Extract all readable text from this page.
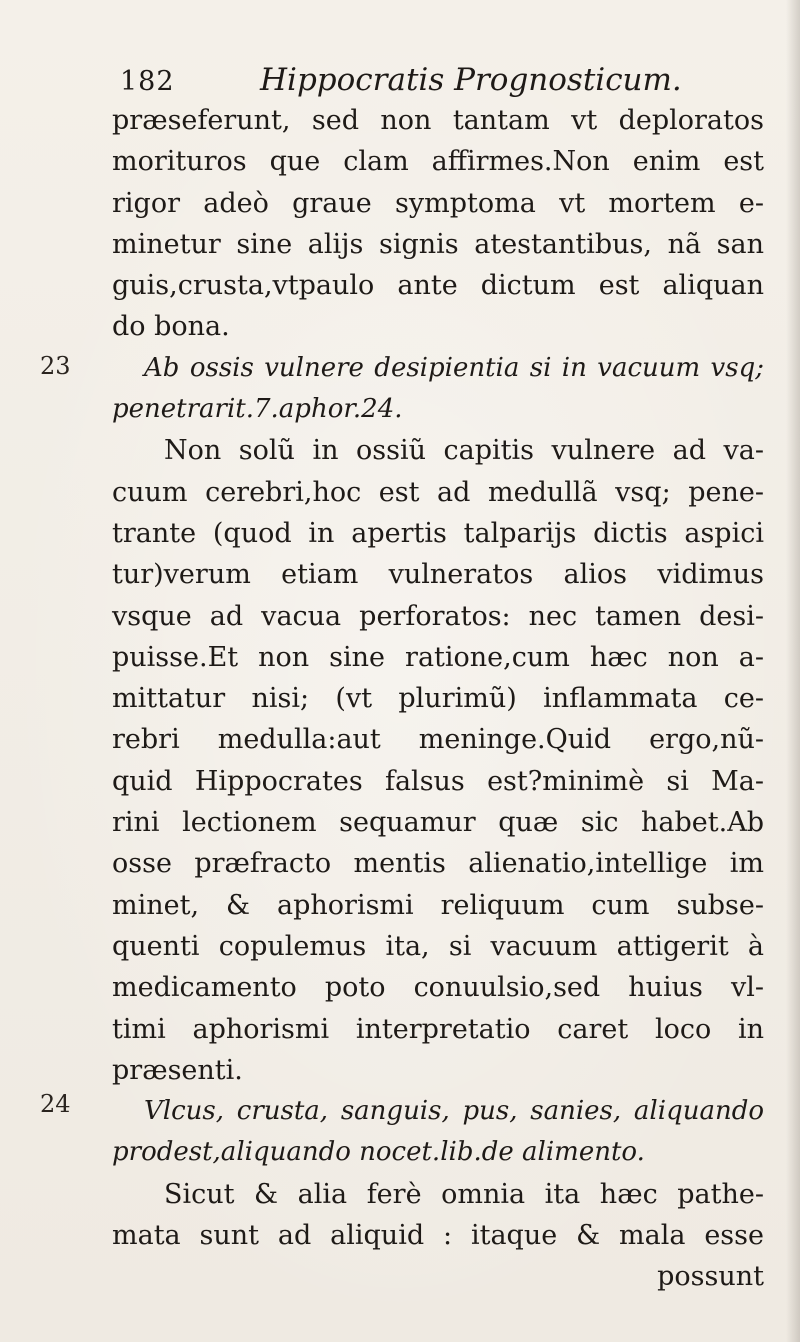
182	Hippocratis Prognosticum.
23
24
præseferunt, sed non tantam vt deploratos
morituros que clam affirmes.Non enim est
rigor adeò graue symptoma vt mortem e-
minetur sine alijs signis atestantibus, nã san
guis,crusta,vtpaulo ante dictum est aliquan
do bona.
Ab ossis vulnere desipientia si in vacuum vsq;
penetrarit.7.aphor.24.
Non solũ in ossiũ capitis vulnere ad va-
cuum cerebri,hoc est ad medullã vsq; pene-
trante (quod in apertis talparijs dictis aspici
tur)verum etiam vulneratos alios vidimus
vsque ad vacua perforatos: nec tamen desi-
puisse.Et non sine ratione,cum hæc non a-
mittatur nisi; (vt plurimũ) inflammata ce-
rebri medulla:aut meninge.Quid ergo,nũ-
quid Hippocrates falsus est?minimè si Ma-
rini lectionem sequamur quæ sic habet.Ab
osse præfracto mentis alienatio,intellige im
minet, & aphorismi reliquum cum subse-
quenti copulemus ita, si vacuum attigerit à
medicamento poto conuulsio,sed huius vl-
timi aphorismi interpretatio caret loco in
præsenti.
Vlcus, crusta, sanguis, pus, sanies, aliquando
prodest,aliquando nocet.lib.de alimento.
Sicut & alia ferè omnia ita hæc pathe-
mata sunt ad aliquid : itaque & mala esse
possunt
